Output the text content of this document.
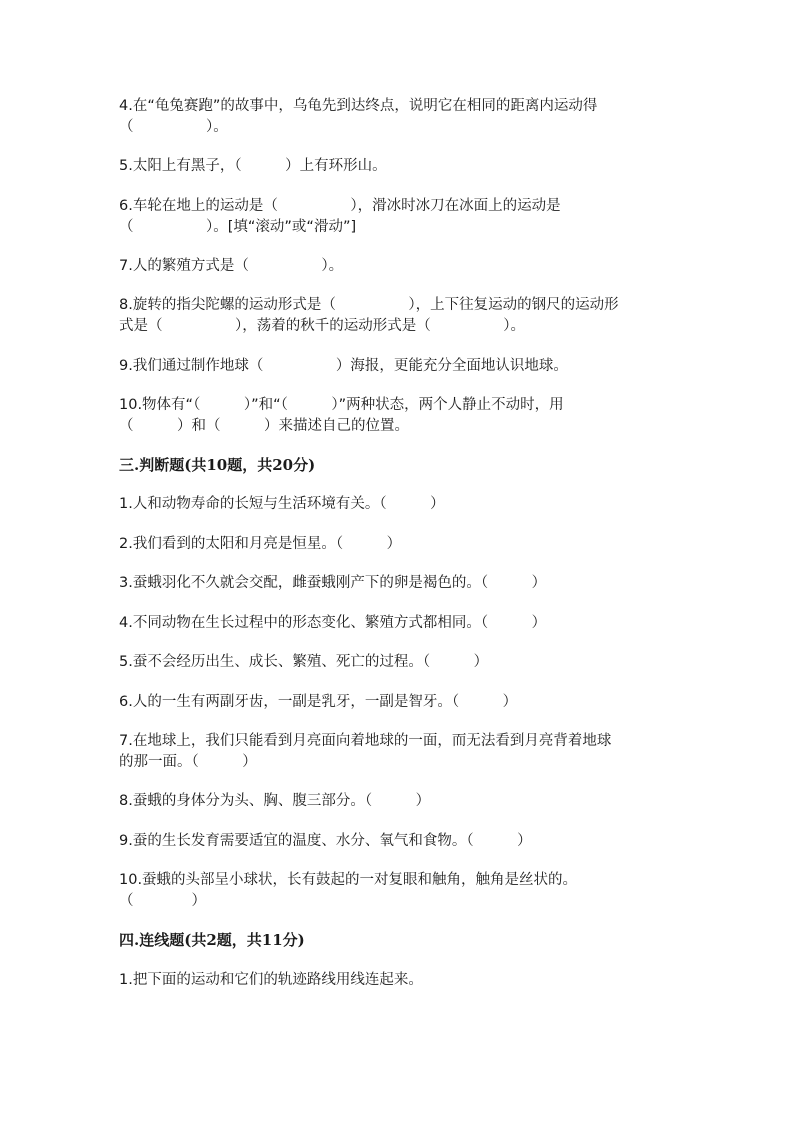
4.在“龟兔赛跑”的故事中，乌龟先到达终点，说明它在相同的距离内运动得
（　　　　　）。

5.太阳上有黑子，（　　　）上有环形山。

6.车轮在地上的运动是（　　　　　），滑冰时冰刀在冰面上的运动是
（　　　　　）。[填“滚动”或“滑动”]

7.人的繁殖方式是（　　　　　）。

8.旋转的指尖陀螺的运动形式是（　　　　　），上下往复运动的钢尺的运动形
式是（　　　　　），荡着的秋千的运动形式是（　　　　　）。

9.我们通过制作地球（　　　　　）海报，更能充分全面地认识地球。

10.物体有“（　　　）”和“（　　　）”两种状态，两个人静止不动时，用
（　　　）和（　　　）来描述自己的位置。

三.判断题(共10题，共20分)

1.人和动物寿命的长短与生活环境有关。（　　　）

2.我们看到的太阳和月亮是恒星。（　　　）

3.蚕蛾羽化不久就会交配，雌蚕蛾刚产下的卵是褐色的。（　　　）

4.不同动物在生长过程中的形态变化、繁殖方式都相同。（　　　）

5.蚕不会经历出生、成长、繁殖、死亡的过程。（　　　）

6.人的一生有两副牙齿，一副是乳牙，一副是智牙。（　　　）

7.在地球上，我们只能看到月亮面向着地球的一面，而无法看到月亮背着地球
的那一面。（　　　）

8.蚕蛾的身体分为头、胸、腹三部分。（　　　）

9.蚕的生长发育需要适宜的温度、水分、氧气和食物。（　　　）

10.蚕蛾的头部呈小球状，长有鼓起的一对复眼和触角，触角是丝状的。
（　　　　）

四.连线题(共2题，共11分)

1.把下面的运动和它们的轨迹路线用线连起来。
